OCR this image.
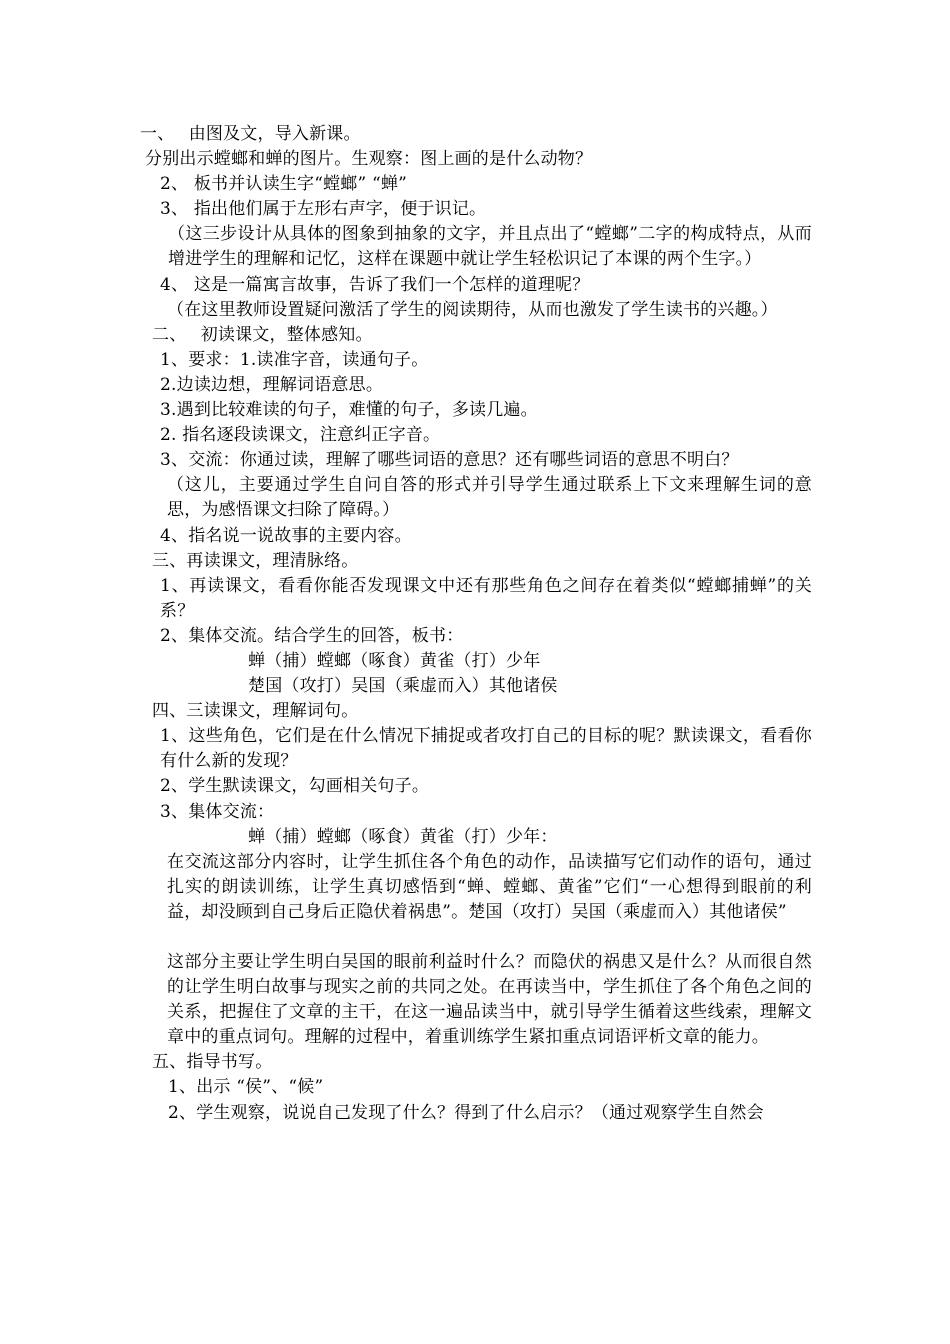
一、　 由图及文，导入新课。
分别出示螳螂和蝉的图片。生观察：图上画的是什么动物？
2、 板书并认读生字“螳螂” “蝉”
3、 指出他们属于左形右声字，便于识记。
（这三步设计从具体的图象到抽象的文字，并且点出了“螳螂”二字的构成特点，从而增进学生的理解和记忆，这样在课题中就让学生轻松识记了本课的两个生字。）
4、 这是一篇寓言故事，告诉了我们一个怎样的道理呢？
（在这里教师设置疑问激活了学生的阅读期待，从而也激发了学生读书的兴趣。）
二、　 初读课文，整体感知。
1、要求：1.读准字音，读通句子。
2.边读边想，理解词语意思。
3.遇到比较难读的句子，难懂的句子，多读几遍。
2. 指名逐段读课文，注意纠正字音。
3、交流：你通过读，理解了哪些词语的意思？还有哪些词语的意思不明白？
（这儿，主要通过学生自问自答的形式并引导学生通过联系上下文来理解生词的意思，为感悟课文扫除了障碍。）
4、指名说一说故事的主要内容。
三、再读课文，理清脉络。
1、再读课文，看看你能否发现课文中还有那些角色之间存在着类似“螳螂捕蝉”的关系？
2、集体交流。结合学生的回答，板书：
蝉（捕）螳螂（啄食）黄雀（打）少年
楚国（攻打）吴国（乘虚而入）其他诸侯
四、三读课文，理解词句。
1、这些角色，它们是在什么情况下捕捉或者攻打自己的目标的呢？默读课文，看看你有什么新的发现？
2、学生默读课文，勾画相关句子。
3、集体交流：
蝉（捕）螳螂（啄食）黄雀（打）少年：
在交流这部分内容时，让学生抓住各个角色的动作，品读描写它们动作的语句，通过扎实的朗读训练，让学生真切感悟到“蝉、螳螂、黄雀”它们“一心想得到眼前的利益，却没顾到自己身后正隐伏着祸患”。楚国（攻打）吴国（乘虚而入）其他诸侯”
这部分主要让学生明白吴国的眼前利益时什么？而隐伏的祸患又是什么？从而很自然的让学生明白故事与现实之前的共同之处。在再读当中，学生抓住了各个角色之间的关系，把握住了文章的主干，在这一遍品读当中，就引导学生循着这些线索，理解文章中的重点词句。理解的过程中，着重训练学生紧扣重点词语评析文章的能力。
五、指导书写。
1、出示 “侯”、“候”
2、学生观察，说说自己发现了什么？得到了什么启示？（通过观察学生自然会
